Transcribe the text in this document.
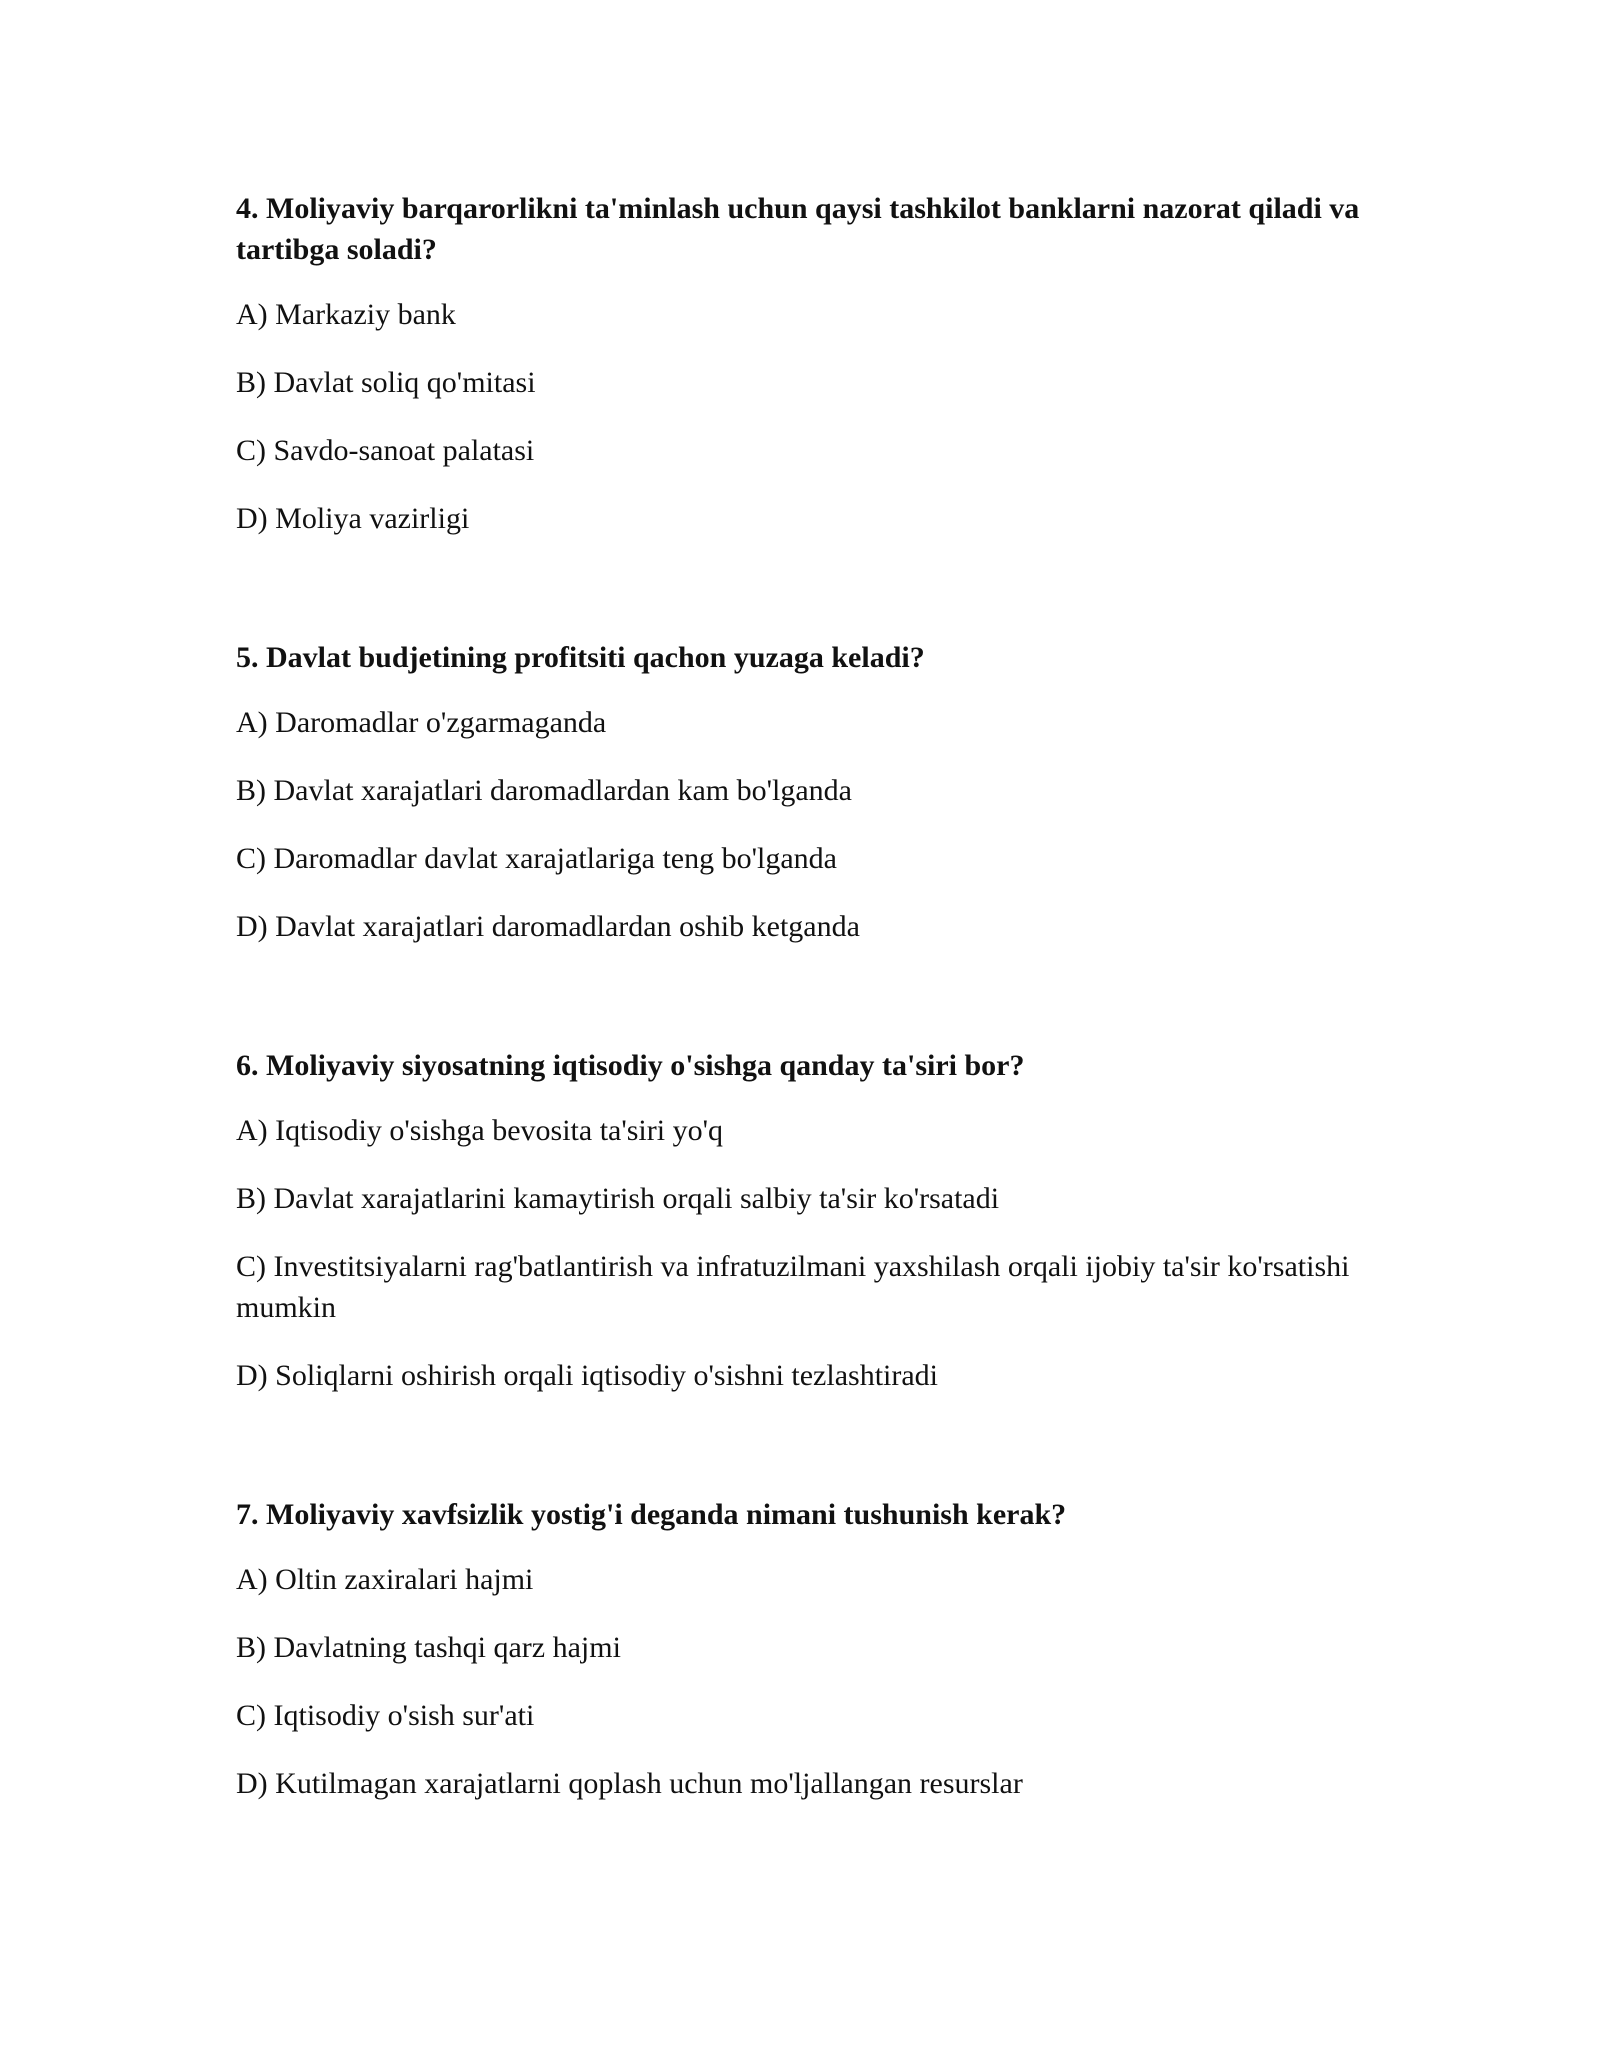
4. Moliyaviy barqarorlikni ta'minlash uchun qaysi tashkilot banklarni nazorat qiladi va tartibga soladi?

A) Markaziy bank

B) Davlat soliq qo'mitasi

C) Savdo-sanoat palatasi

D) Moliya vazirligi

5. Davlat budjetining profitsiti qachon yuzaga keladi?

A) Daromadlar o'zgarmaganda

B) Davlat xarajatlari daromadlardan kam bo'lganda

C) Daromadlar davlat xarajatlariga teng bo'lganda

D) Davlat xarajatlari daromadlardan oshib ketganda

6. Moliyaviy siyosatning iqtisodiy o'sishga qanday ta'siri bor?

A) Iqtisodiy o'sishga bevosita ta'siri yo'q

B) Davlat xarajatlarini kamaytirish orqali salbiy ta'sir ko'rsatadi

C) Investitsiyalarni rag'batlantirish va infratuzilmani yaxshilash orqali ijobiy ta'sir ko'rsatishi mumkin

D) Soliqlarni oshirish orqali iqtisodiy o'sishni tezlashtiradi

7. Moliyaviy xavfsizlik yostig'i deganda nimani tushunish kerak?

A) Oltin zaxiralari hajmi

B) Davlatning tashqi qarz hajmi

C) Iqtisodiy o'sish sur'ati

D) Kutilmagan xarajatlarni qoplash uchun mo'ljallangan resurslar
